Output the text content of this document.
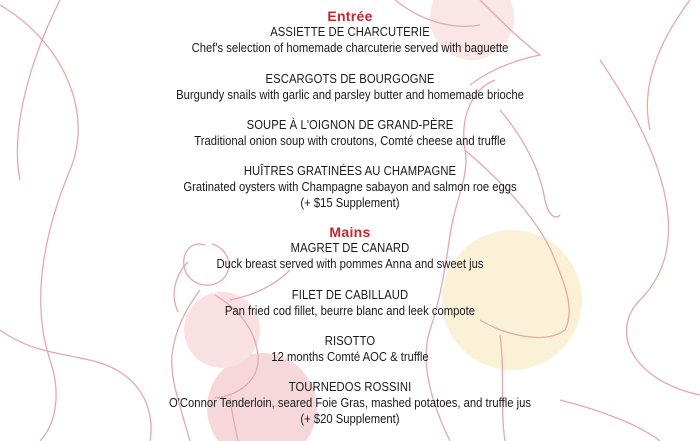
Entrée
ASSIETTE DE CHARCUTERIE
Chef's selection of homemade charcuterie served with baguette
ESCARGOTS DE BOURGOGNE
Burgundy snails with garlic and parsley butter and homemade brioche
SOUPE À L'OIGNON DE GRAND-PÈRE
Traditional onion soup with croutons, Comté cheese and truffle
HUÎTRES GRATINÉES AU CHAMPAGNE
Gratinated oysters with Champagne sabayon and salmon roe eggs
(+ $15 Supplement)
Mains
MAGRET DE CANARD
Duck breast served with pommes Anna and sweet jus
FILET DE CABILLAUD
Pan fried cod fillet, beurre blanc and leek compote
RISOTTO
12 months Comté AOC & truffle
TOURNEDOS ROSSINI
O'Connor Tenderloin, seared Foie Gras, mashed potatoes, and truffle jus
(+ $20 Supplement)
